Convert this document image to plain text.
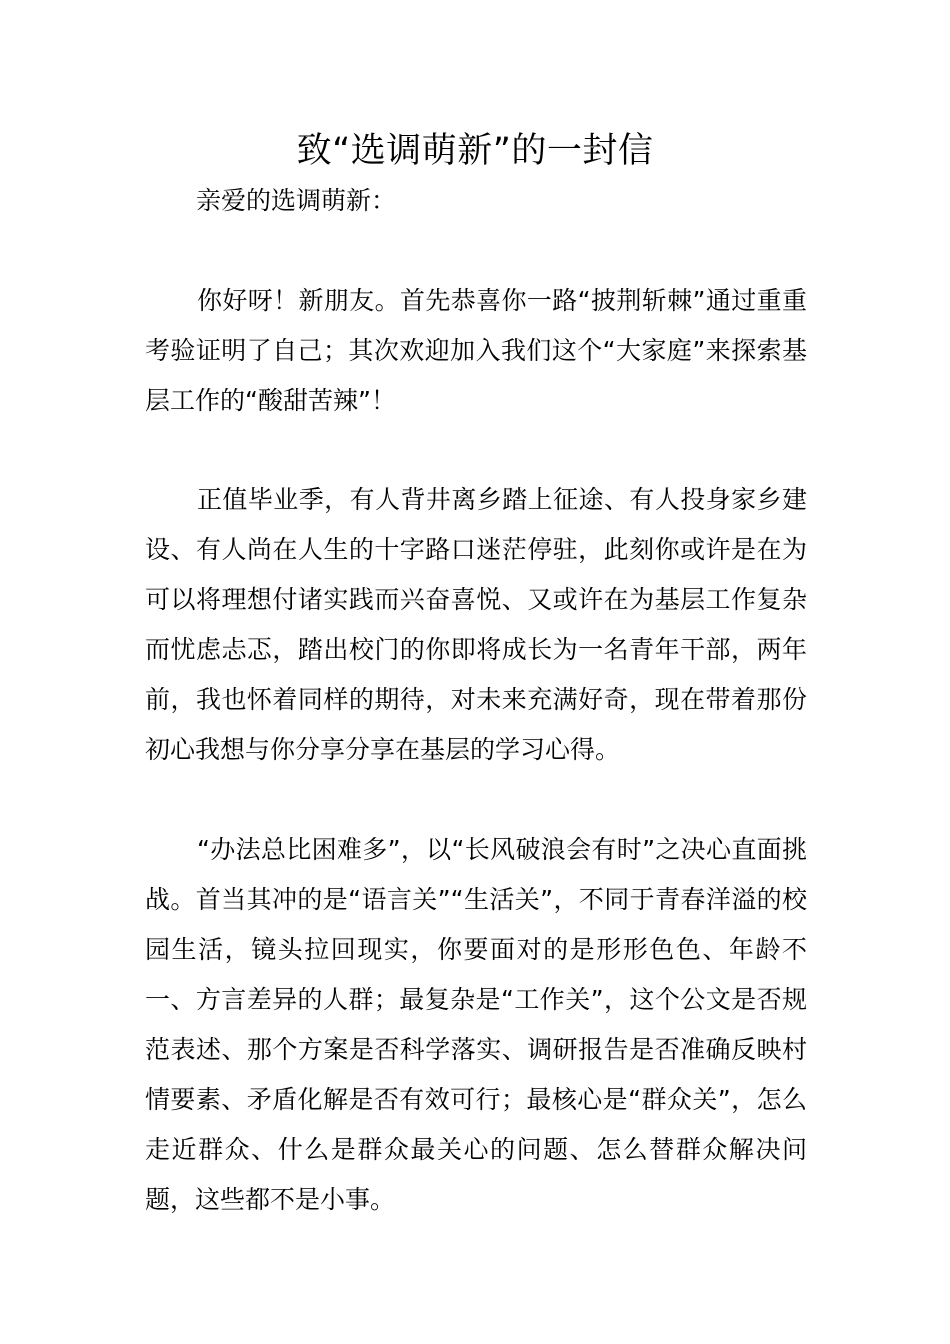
致“选调萌新”的一封信
亲爱的选调萌新：

你好呀！新朋友。首先恭喜你一路“披荆斩棘”通过重重考验证明了自己；其次欢迎加入我们这个“大家庭”来探索基层工作的“酸甜苦辣”！

正值毕业季，有人背井离乡踏上征途、有人投身家乡建设、有人尚在人生的十字路口迷茫停驻，此刻你或许是在为可以将理想付诸实践而兴奋喜悦、又或许在为基层工作复杂而忧虑忐忑，踏出校门的你即将成长为一名青年干部，两年前，我也怀着同样的期待，对未来充满好奇，现在带着那份初心我想与你分享分享在基层的学习心得。

“办法总比困难多”，以“长风破浪会有时”之决心直面挑战。首当其冲的是“语言关”“生活关”，不同于青春洋溢的校园生活，镜头拉回现实，你要面对的是形形色色、年龄不一、方言差异的人群；最复杂是“工作关”，这个公文是否规范表述、那个方案是否科学落实、调研报告是否准确反映村情要素、矛盾化解是否有效可行；最核心是“群众关”，怎么走近群众、什么是群众最关心的问题、怎么替群众解决问题，这些都不是小事。
